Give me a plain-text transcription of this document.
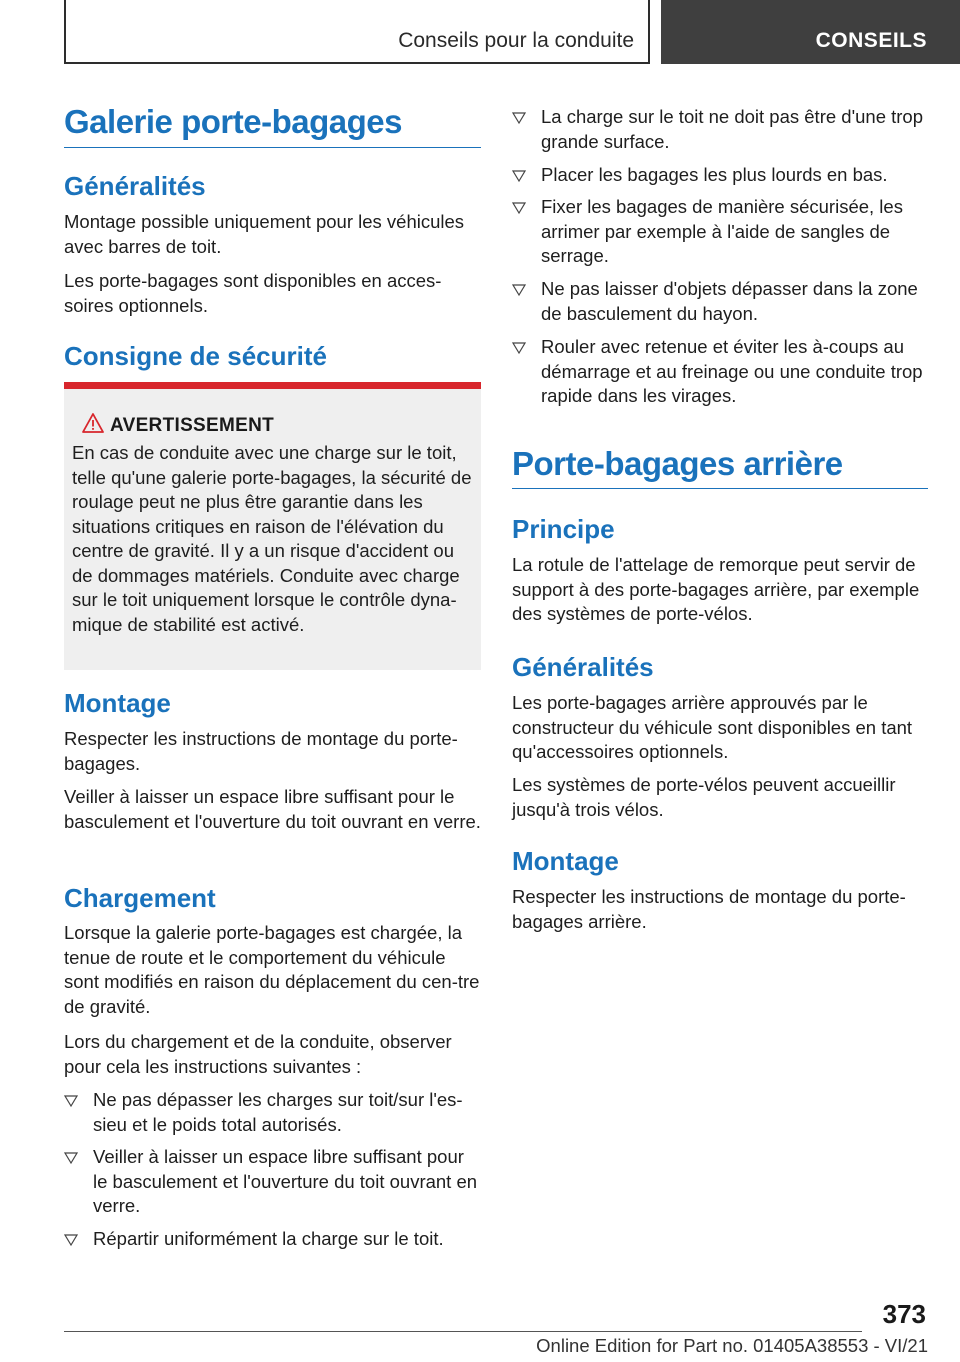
Conseils pour la conduite	CONSEILS
Galerie porte-bagages
Généralités
Montage possible uniquement pour les véhicules avec barres de toit.
Les porte-bagages sont disponibles en acces-soires optionnels.
Consigne de sécurité
AVERTISSEMENT
En cas de conduite avec une charge sur le toit, telle qu'une galerie porte-bagages, la sécurité de roulage peut ne plus être garantie dans les situations critiques en raison de l'élévation du centre de gravité. Il y a un risque d'accident ou de dommages matériels. Conduite avec charge sur le toit uniquement lorsque le contrôle dyna-mique de stabilité est activé.
Montage
Respecter les instructions de montage du porte-bagages.
Veiller à laisser un espace libre suffisant pour le basculement et l'ouverture du toit ouvrant en verre.
Chargement
Lorsque la galerie porte-bagages est chargée, la tenue de route et le comportement du véhicule sont modifiés en raison du déplacement du cen-tre de gravité.
Lors du chargement et de la conduite, observer pour cela les instructions suivantes :
Ne pas dépasser les charges sur toit/sur l'es-sieu et le poids total autorisés.
Veiller à laisser un espace libre suffisant pour le basculement et l'ouverture du toit ouvrant en verre.
Répartir uniformément la charge sur le toit.
La charge sur le toit ne doit pas être d'une trop grande surface.
Placer les bagages les plus lourds en bas.
Fixer les bagages de manière sécurisée, les arrimer par exemple à l'aide de sangles de serrage.
Ne pas laisser d'objets dépasser dans la zone de basculement du hayon.
Rouler avec retenue et éviter les à-coups au démarrage et au freinage ou une conduite trop rapide dans les virages.
Porte-bagages arrière
Principe
La rotule de l'attelage de remorque peut servir de support à des porte-bagages arrière, par exemple des systèmes de porte-vélos.
Généralités
Les porte-bagages arrière approuvés par le constructeur du véhicule sont disponibles en tant qu'accessoires optionnels.
Les systèmes de porte-vélos peuvent accueillir jusqu'à trois vélos.
Montage
Respecter les instructions de montage du porte-bagages arrière.
373
Online Edition for Part no. 01405A38553 - VI/21
